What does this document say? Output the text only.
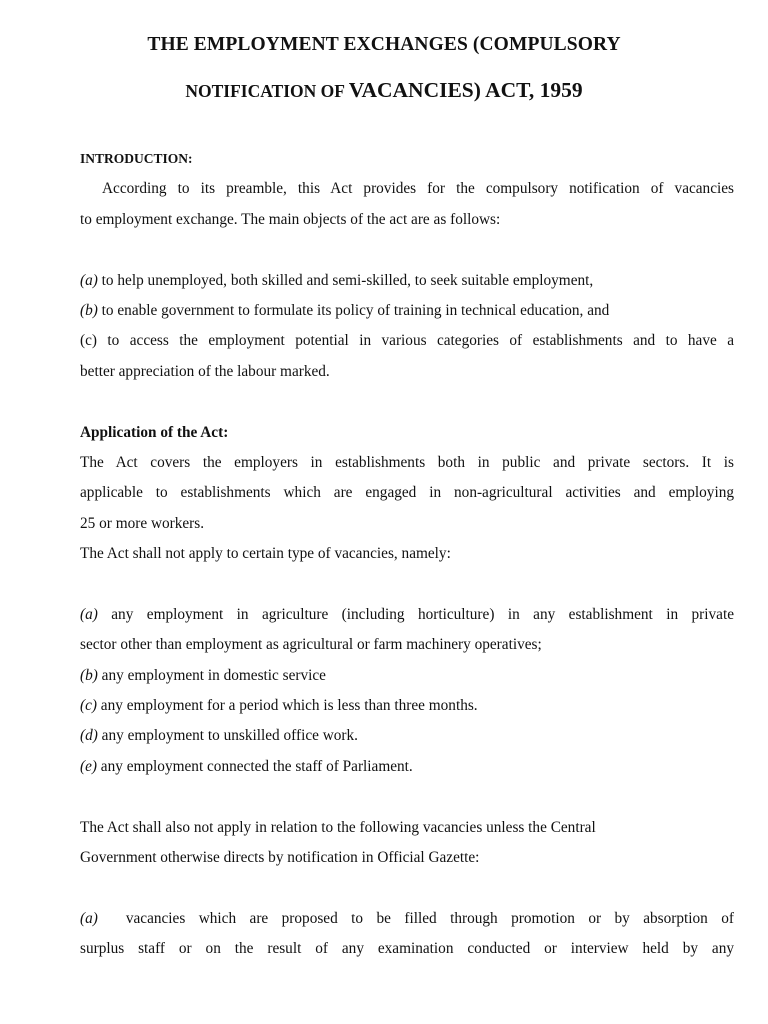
THE EMPLOYMENT EXCHANGES (COMPULSORY
NOTIFICATION OF VACANCIES) ACT, 1959
INTRODUCTION:
According to its preamble, this Act provides for the compulsory notification of vacancies
to employment exchange. The main objects of the act are as follows:
(a) to help unemployed, both skilled and semi-skilled, to seek suitable employment,
(b) to enable government to formulate its policy of training in technical education, and
(c) to access the employment potential in various categories of establishments and to have a
better appreciation of the labour marked.
Application of the Act:
The Act covers the employers in establishments both in public and private sectors. It is
applicable to establishments which are engaged in non-agricultural activities and employing
25 or more workers.
The Act shall not apply to certain type of vacancies, namely:
(a) any employment in agriculture (including horticulture) in any establishment in private
sector other than employment as agricultural or farm machinery operatives;
(b) any employment in domestic service
(c) any employment for a period which is less than three months.
(d) any employment to unskilled office work.
(e) any employment connected the staff of Parliament.
The Act shall also not apply in relation to the following vacancies unless the Central
Government otherwise directs by notification in Official Gazette:
(a) vacancies which are proposed to be filled through promotion or by absorption of
surplus staff or on the result of any examination conducted or interview held by any
